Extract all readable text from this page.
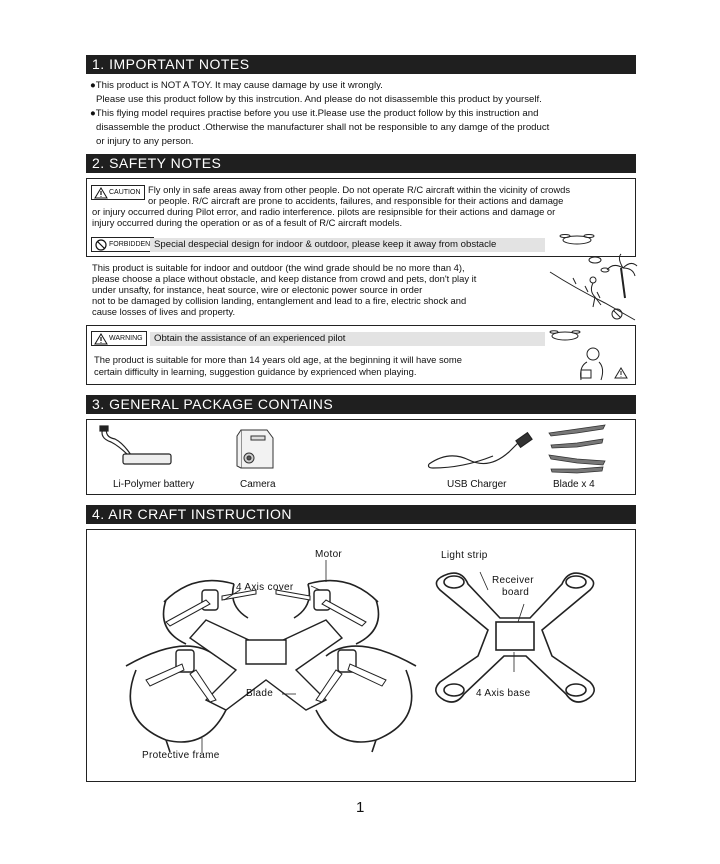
1. IMPORTANT NOTES
●This product is NOT A TOY. It may cause damage by use it wrongly.
Please use this product follow by this instrcution. And please do not disassemble this product by yourself.
●This flying model requires practise before you use it.Please use the product follow by this instruction and
disassemble the product .Otherwise the manufacturer shall not be responsible to any damge of the product
or injury to any person.
2. SAFETY NOTES
CAUTION Fly only in safe areas away from other people. Do not operate R/C aircraft within the vicinity of crowds
or people. R/C aircraft are prone to accidents, failures, and responsible for their actions and damage
or injury occurred during Pilot error, and radio interference. pilots are resipnsible for their actions and damage or
injury occurred during the operation or as of a fesult of R/C aircraft models.
FORBIDDEN Special despecial design for indoor & outdoor, please keep it away from obstacle
This product is suitable for indoor and outdoor (the wind grade should be no more than 4),
please choose a place without obstacle, and keep distance from crowd and pets, don't play it
under unsafty, for instance, heat source, wire or electonic power source in order
not to be damaged by collision landing, entanglement and lead to a fire, electric shock and
cause losses of lives and property.
WARNING	Obtain the assistance of an experienced pilot
The product is suitable for more than 14 years old age, at the beginning it will have some
certain difficulty in learning, suggestion guidance by exprienced when playing.
3. GENERAL PACKAGE CONTAINS
Li-Polymer battery	Camera	USB Charger	Blade x 4
4. AIR CRAFT INSTRUCTION
Motor
4 Axis cover
Blade
Protective frame
Light strip
Receiver
board
4 Axis base
1
